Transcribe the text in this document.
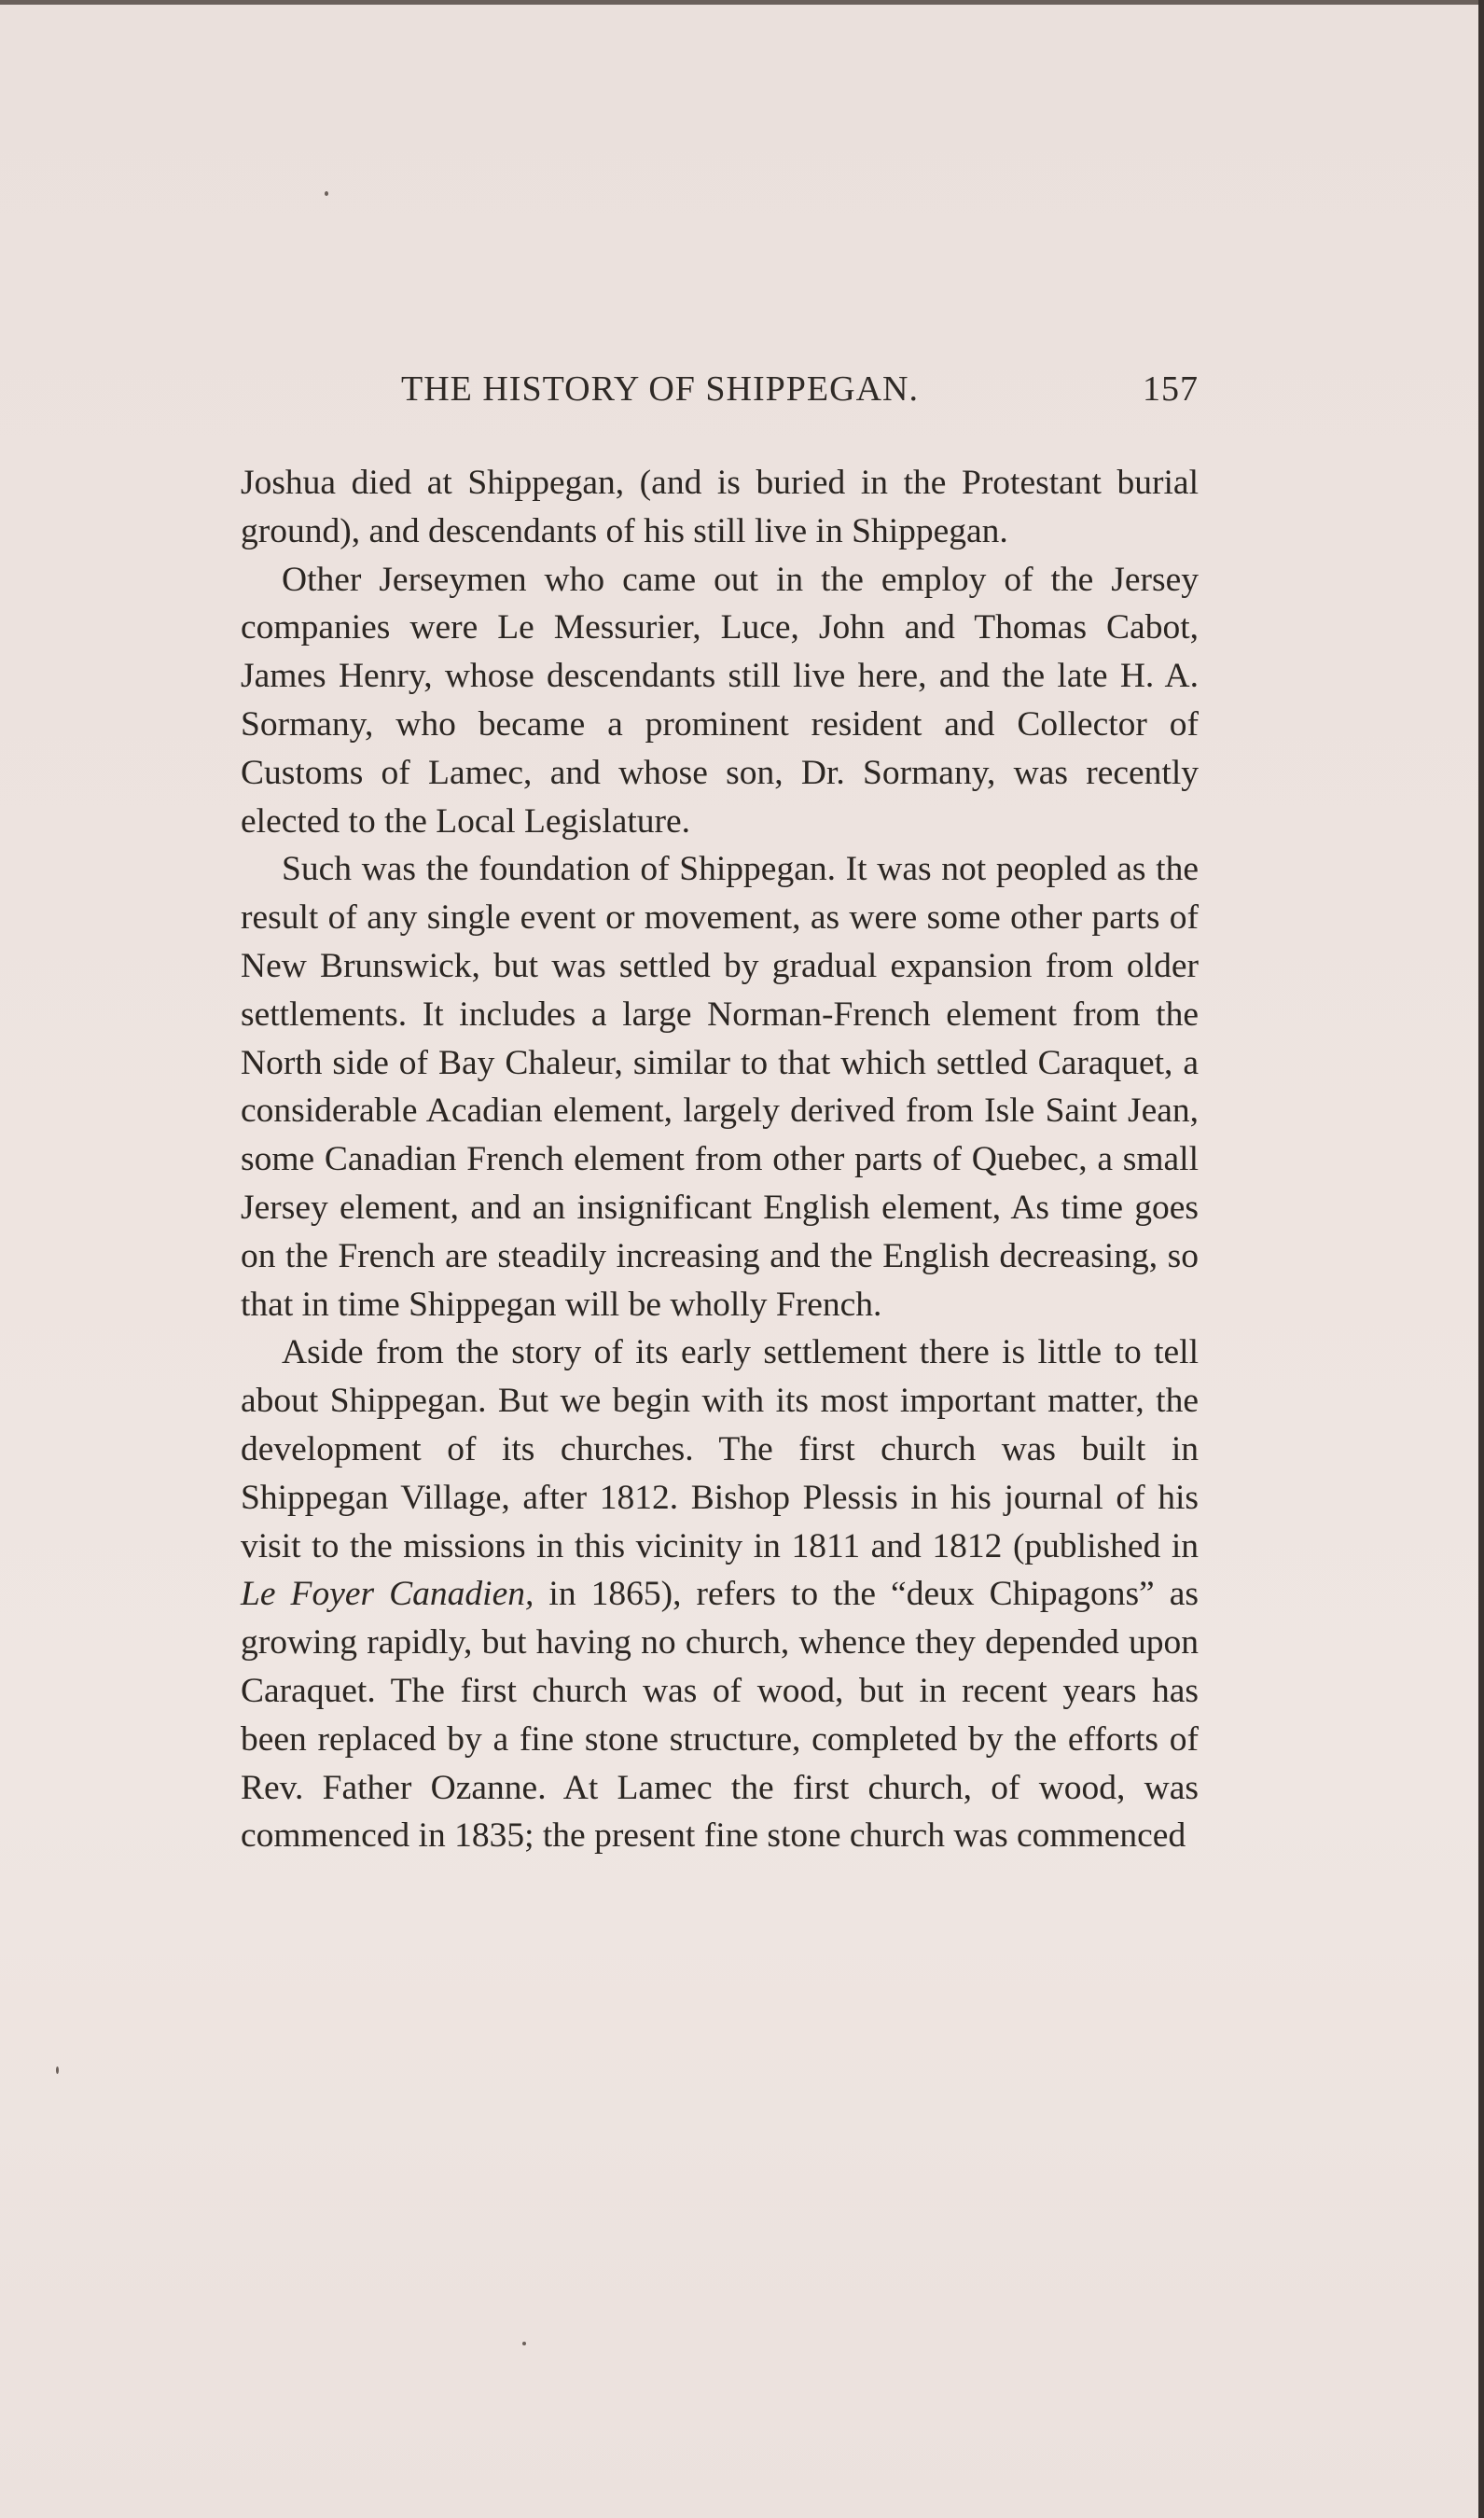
THE HISTORY OF SHIPPEGAN.	157

Joshua died at Shippegan, (and is buried in the Protestant burial ground), and descendants of his still live in Shippegan.

Other Jerseymen who came out in the employ of the Jersey companies were Le Messurier, Luce, John and Thomas Cabot, James Henry, whose descendants still live here, and the late H. A. Sormany, who became a prominent resident and Collector of Customs of Lamec, and whose son, Dr. Sormany, was recently elected to the Local Legislature.

Such was the foundation of Shippegan. It was not peopled as the result of any single event or movement, as were some other parts of New Brunswick, but was settled by gradual expansion from older settlements. It includes a large Norman-French element from the North side of Bay Chaleur, similar to that which settled Caraquet, a considerable Acadian element, largely derived from Isle Saint Jean, some Canadian French element from other parts of Quebec, a small Jersey element, and an insignificant English element, As time goes on the French are steadily increasing and the English decreasing, so that in time Shippegan will be wholly French.

Aside from the story of its early settlement there is little to tell about Shippegan. But we begin with its most important matter, the development of its churches. The first church was built in Shippegan Village, after 1812. Bishop Plessis in his journal of his visit to the missions in this vicinity in 1811 and 1812 (published in Le Foyer Canadien, in 1865), refers to the “deux Chipagons” as growing rapidly, but having no church, whence they depended upon Caraquet. The first church was of wood, but in recent years has been replaced by a fine stone structure, completed by the efforts of Rev. Father Ozanne. At Lamec the first church, of wood, was commenced in 1835; the present fine stone church was commenced
